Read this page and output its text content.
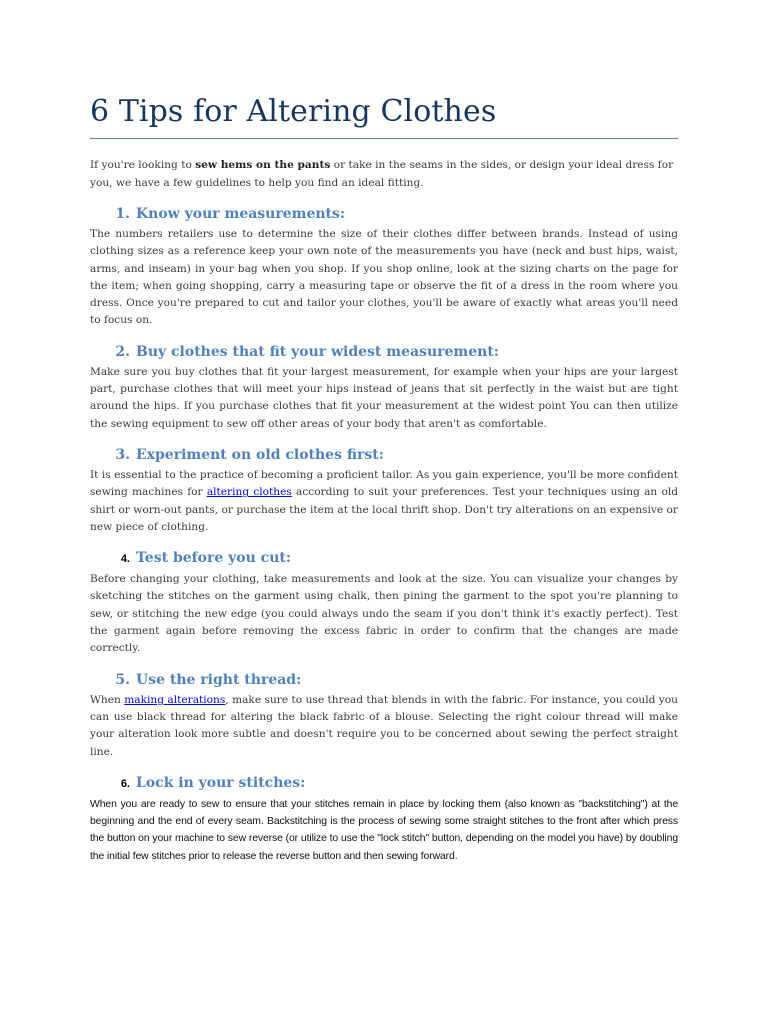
6 Tips for Altering Clothes

If you're looking to sew hems on the pants or take in the seams in the sides, or design your ideal dress for you, we have a few guidelines to help you find an ideal fitting.

1. Know your measurements:

The numbers retailers use to determine the size of their clothes differ between brands. Instead of using clothing sizes as a reference keep your own note of the measurements you have (neck and bust hips, waist, arms, and inseam) in your bag when you shop. If you shop online, look at the sizing charts on the page for the item; when going shopping, carry a measuring tape or observe the fit of a dress in the room where you dress. Once you're prepared to cut and tailor your clothes, you'll be aware of exactly what areas you'll need to focus on.

2. Buy clothes that fit your widest measurement:

Make sure you buy clothes that fit your largest measurement, for example when your hips are your largest part, purchase clothes that will meet your hips instead of jeans that sit perfectly in the waist but are tight around the hips. If you purchase clothes that fit your measurement at the widest point You can then utilize the sewing equipment to sew off other areas of your body that aren't as comfortable.

3. Experiment on old clothes first:

It is essential to the practice of becoming a proficient tailor. As you gain experience, you'll be more confident sewing machines for altering clothes according to suit your preferences. Test your techniques using an old shirt or worn-out pants, or purchase the item at the local thrift shop. Don't try alterations on an expensive or new piece of clothing.

4. Test before you cut:

Before changing your clothing, take measurements and look at the size. You can visualize your changes by sketching the stitches on the garment using chalk, then pining the garment to the spot you're planning to sew, or stitching the new edge (you could always undo the seam if you don't think it's exactly perfect). Test the garment again before removing the excess fabric in order to confirm that the changes are made correctly.

5. Use the right thread:

When making alterations, make sure to use thread that blends in with the fabric. For instance, you could you can use black thread for altering the black fabric of a blouse. Selecting the right colour thread will make your alteration look more subtle and doesn't require you to be concerned about sewing the perfect straight line.

6. Lock in your stitches:

When you are ready to sew to ensure that your stitches remain in place by locking them (also known as "backstitching") at the beginning and the end of every seam. Backstitching is the process of sewing some straight stitches to the front after which press the button on your machine to sew reverse (or utilize to use the "lock stitch" button, depending on the model you have) by doubling the initial few stitches prior to release the reverse button and then sewing forward.
